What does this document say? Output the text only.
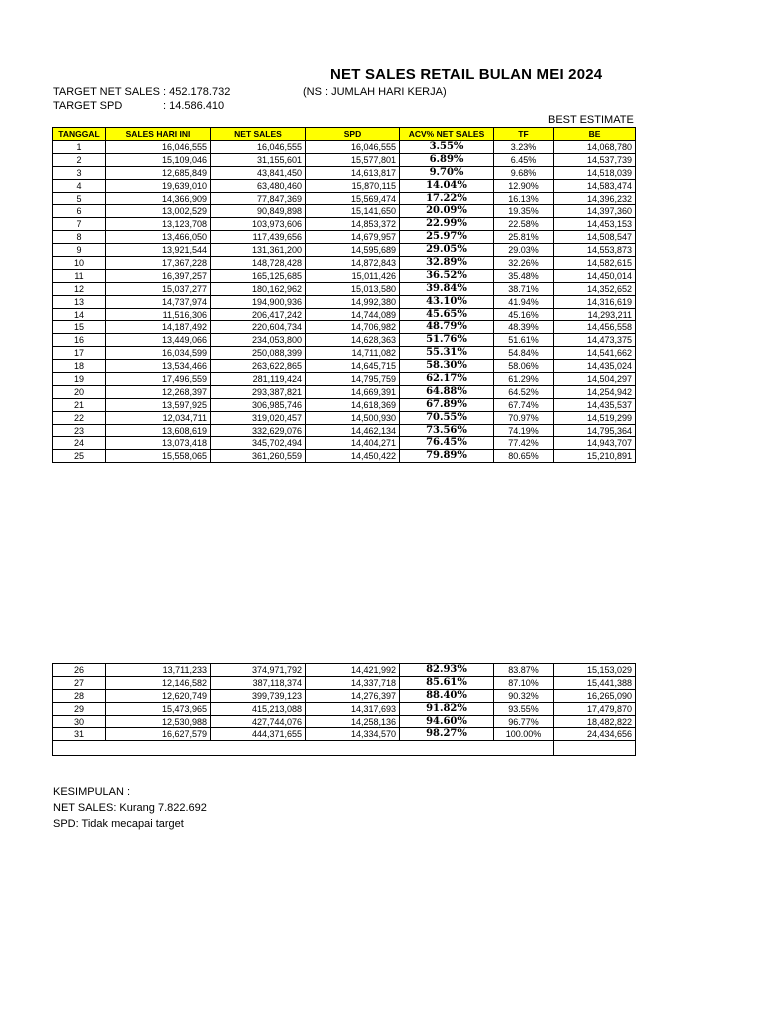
NET SALES RETAIL BULAN MEI 2024
(NS : JUMLAH HARI KERJA)
TARGET NET SALES : 452.178.732
TARGET SPD	: 14.586.410
BEST ESTIMATE
TANGGAL	SALES HARI INI	NET SALES	SPD	ACV% NET SALES	TF	BE
1	16,046,555	16,046,555	16,046,555	3.55%	3.23%	14,068,780
2	15,109,046	31,155,601	15,577,801	6.89%	6.45%	14,537,739
3	12,685,849	43,841,450	14,613,817	9.70%	9.68%	14,518,039
4	19,639,010	63,480,460	15,870,115	14.04%	12.90%	14,583,474
5	14,366,909	77,847,369	15,569,474	17.22%	16.13%	14,396,232
6	13,002,529	90,849,898	15,141,650	20.09%	19.35%	14,397,360
7	13,123,708	103,973,606	14,853,372	22.99%	22.58%	14,453,153
8	13,466,050	117,439,656	14,679,957	25.97%	25.81%	14,508,547
9	13,921,544	131,361,200	14,595,689	29.05%	29.03%	14,553,873
10	17,367,228	148,728,428	14,872,843	32.89%	32.26%	14,582,615
11	16,397,257	165,125,685	15,011,426	36.52%	35.48%	14,450,014
12	15,037,277	180,162,962	15,013,580	39.84%	38.71%	14,352,652
13	14,737,974	194,900,936	14,992,380	43.10%	41.94%	14,316,619
14	11,516,306	206,417,242	14,744,089	45.65%	45.16%	14,293,211
15	14,187,492	220,604,734	14,706,982	48.79%	48.39%	14,456,558
16	13,449,066	234,053,800	14,628,363	51.76%	51.61%	14,473,375
17	16,034,599	250,088,399	14,711,082	55.31%	54.84%	14,541,662
18	13,534,466	263,622,865	14,645,715	58.30%	58.06%	14,435,024
19	17,496,559	281,119,424	14,795,759	62.17%	61.29%	14,504,297
20	12,268,397	293,387,821	14,669,391	64.88%	64.52%	14,254,942
21	13,597,925	306,985,746	14,618,369	67.89%	67.74%	14,435,537
22	12,034,711	319,020,457	14,500,930	70.55%	70.97%	14,519,299
23	13,608,619	332,629,076	14,462,134	73.56%	74.19%	14,795,364
24	13,073,418	345,702,494	14,404,271	76.45%	77.42%	14,943,707
25	15,558,065	361,260,559	14,450,422	79.89%	80.65%	15,210,891
26	13,711,233	374,971,792	14,421,992	82.93%	83.87%	15,153,029
27	12,146,582	387,118,374	14,337,718	85.61%	87.10%	15,441,388
28	12,620,749	399,739,123	14,276,397	88.40%	90.32%	16,265,090
29	15,473,965	415,213,088	14,317,693	91.82%	93.55%	17,479,870
30	12,530,988	427,744,076	14,258,136	94.60%	96.77%	18,482,822
31	16,627,579	444,371,655	14,334,570	98.27%	100.00%	24,434,656

KESIMPULAN :
NET SALES: Kurang 7.822.692
SPD: Tidak mecapai target
